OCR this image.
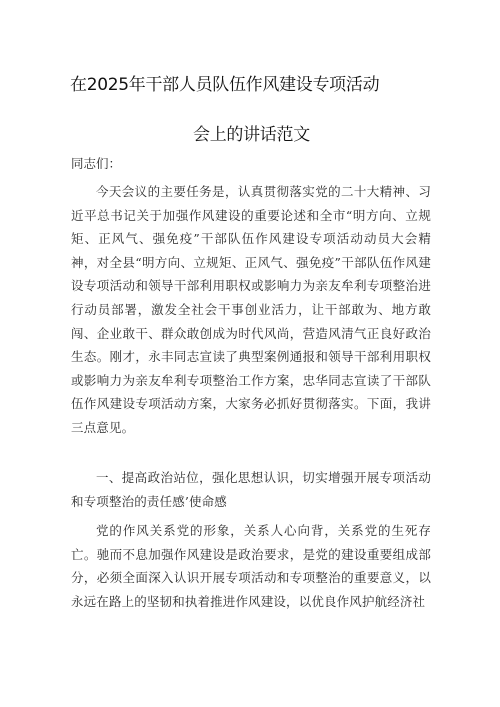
在2025年干部人员队伍作风建设专项活动
会上的讲话范文
同志们：

今天会议的主要任务是，认真贯彻落实党的二十大精神、习近平总书记关于加强作风建设的重要论述和全市“明方向、立规矩、正风气、强免疫”干部队伍作风建设专项活动动员大会精神，对全县“明方向、立规矩、正风气、强免疫”干部队伍作风建设专项活动和领导干部利用职权或影响力为亲友牟利专项整治进行动员部署，激发全社会干事创业活力，让干部敢为、地方敢闯、企业敢干、群众敢创成为时代风尚，营造风清气正良好政治生态。刚才，永丰同志宣读了典型案例通报和领导干部利用职权或影响力为亲友牟利专项整治工作方案，忠华同志宣读了干部队伍作风建设专项活动方案，大家务必抓好贯彻落实。下面，我讲三点意见。

一、提高政治站位，强化思想认识，切实增强开展专项活动和专项整治的责任感’使命感

党的作风关系党的形象，关系人心向背，关系党的生死存亡。驰而不息加强作风建设是政治要求，是党的建设重要组成部分，必须全面深入认识开展专项活动和专项整治的重要意义，以永远在路上的坚韧和执着推进作风建设，以优良作风护航经济社
